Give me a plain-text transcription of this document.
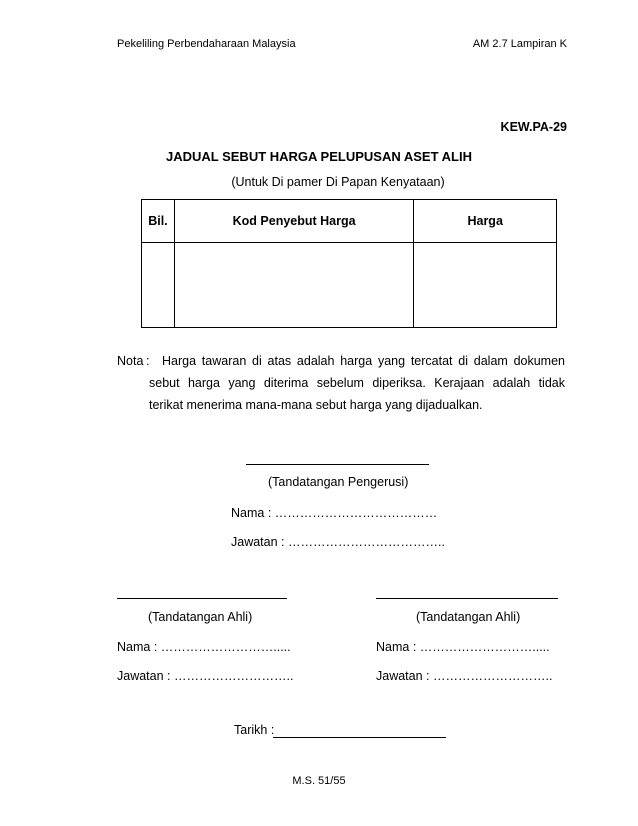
Pekeliling Perbendaharaan Malaysia	AM 2.7 Lampiran K
KEW.PA-29
JADUAL SEBUT HARGA PELUPUSAN ASET ALIH
(Untuk Di pamer Di Papan Kenyataan)
Bil.	Kod Penyebut Harga	Harga

Nota : Harga tawaran di atas adalah harga yang tercatat di dalam dokumen
sebut harga yang diterima sebelum diperiksa. Kerajaan adalah tidak
terikat menerima mana-mana sebut harga yang dijadualkan.
(Tandatangan Pengerusi)
Nama : …………………………………
Jawatan : ………………………………..
(Tandatangan Ahli)
Nama : ……………………….....
Jawatan : ………………………..
(Tandatangan Ahli)
Nama : ……………………….....
Jawatan : ………………………..
Tarikh :
M.S. 51/55
